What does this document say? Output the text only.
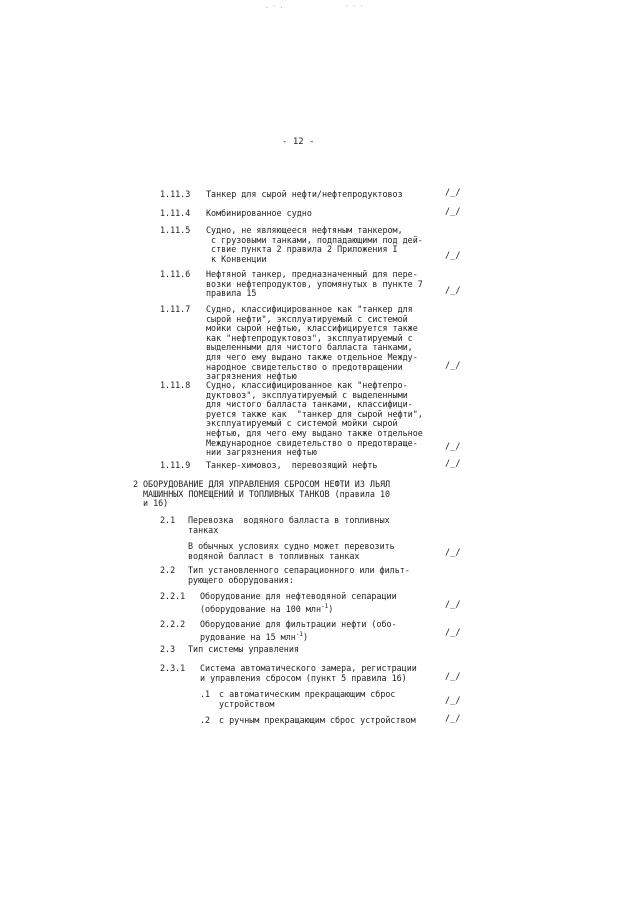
. · .	· · ·
- 12 -
1.11.3 Танкер для сырой нефти/нефтепродуктовоз	/_/
1.11.4 Комбинированное судно	/_/
1.11.5 Судно, не являющееся нефтяным танкером,
с грузовыми танками, подпадающими под дей-
ствие пункта 2 правила 2 Приложения I
к Конвенции	/_/
1.11.6 Нефтяной танкер, предназначенный для пере-
возки нефтепродуктов, упомянутых в пункте 7
правила 15	/_/
1.11.7 Судно, классифицированное как "танкер для
сырой нефти", эксплуатируемый с системой
мойки сырой нефтью, классифицируется также
как "нефтепродуктовоз", эксплуатируемый с
выделенными для чистого балласта танками,
для чего ему выдано также отдельное Между-
народное свидетельство о предотвращении
загрязнения нефтью
/_/
1.11.8 Судно, классифицированное как "нефтепро-
дуктовоз", эксплуатируемый с выделенными
для чистого балласта танками, классифици-
руется также как  "танкер для сырой нефти",
эксплуатируемый с системой мойки сырой
нефтью, для чего ему выдано также отдельное
Международное свидетельство о предотвраще-
нии загрязнения нефтью
/_/
1.11.9 Танкер-химовоз,  перевозящий нефть	/_/
2 ОБОРУДОВАНИЕ ДЛЯ УПРАВЛЕНИЯ СБРОСОМ НЕФТИ ИЗ ЛЬЯЛ
МАШИННЫХ ПОМЕЩЕНИЙ И ТОПЛИВНЫХ ТАНКОВ (правила 10
и 16)
2.1 Перевозка  водяного балласта в топливных
танках
В обычных условиях судно может перевозить
водяной балласт в топливных танках	/_/
2.2 Тип установленного сепарационного или фильт-
рующего оборудования:
2.2.1 Оборудование для нефтеводяной сепарации
(оборудование на 100 млн$^{-1}$)	/_/
2.2.2 Оборудование для фильтрации нефти (обо-
рудование на 15 млн$^{-1}$)	/_/
2.3 Тип системы управления
2.3.1 Система автоматического замера, регистрации
и управления сбросом (пункт 5 правила 16)	/_/
.1 с автоматическим прекращающим сброс
устройством	/_/
.2 с ручным прекращающим сброс устройством	/_/
